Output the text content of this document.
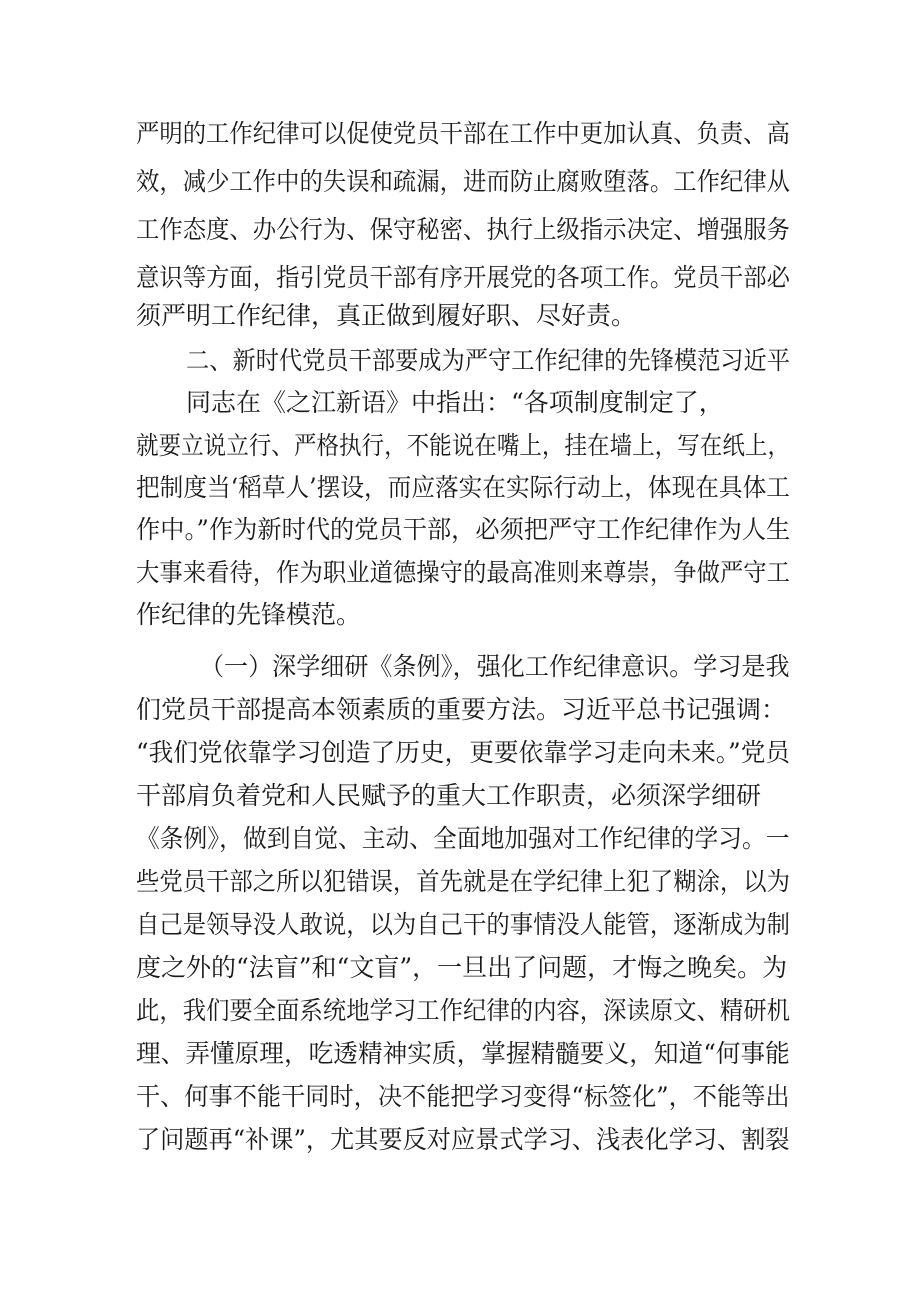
严明的工作纪律可以促使党员干部在工作中更加认真、负责、高
效，减少工作中的失误和疏漏，进而防止腐败堕落。工作纪律从
工作态度、办公行为、保守秘密、执行上级指示决定、增强服务
意识等方面，指引党员干部有序开展党的各项工作。党员干部必
须严明工作纪律，真正做到履好职、尽好责。
二、新时代党员干部要成为严守工作纪律的先锋模范习近平
同志在《之江新语》中指出：“各项制度制定了，
就要立说立行、严格执行，不能说在嘴上，挂在墙上，写在纸上，
把制度当‘稻草人’摆设，而应落实在实际行动上，体现在具体工
作中。”作为新时代的党员干部，必须把严守工作纪律作为人生
大事来看待，作为职业道德操守的最高准则来尊崇，争做严守工
作纪律的先锋模范。
（一）深学细研《条例》，强化工作纪律意识。学习是我
们党员干部提高本领素质的重要方法。习近平总书记强调：
“我们党依靠学习创造了历史，更要依靠学习走向未来。”党员
干部肩负着党和人民赋予的重大工作职责，必须深学细研
《条例》，做到自觉、主动、全面地加强对工作纪律的学习。一
些党员干部之所以犯错误，首先就是在学纪律上犯了糊涂，以为
自己是领导没人敢说，以为自己干的事情没人能管，逐渐成为制
度之外的“法盲”和“文盲”，一旦出了问题，才悔之晚矣。为
此，我们要全面系统地学习工作纪律的内容，深读原文、精研机
理、弄懂原理，吃透精神实质，掌握精髓要义，知道“何事能
干、何事不能干同时，决不能把学习变得“标签化”，不能等出
了问题再“补课”，尤其要反对应景式学习、浅表化学习、割裂
